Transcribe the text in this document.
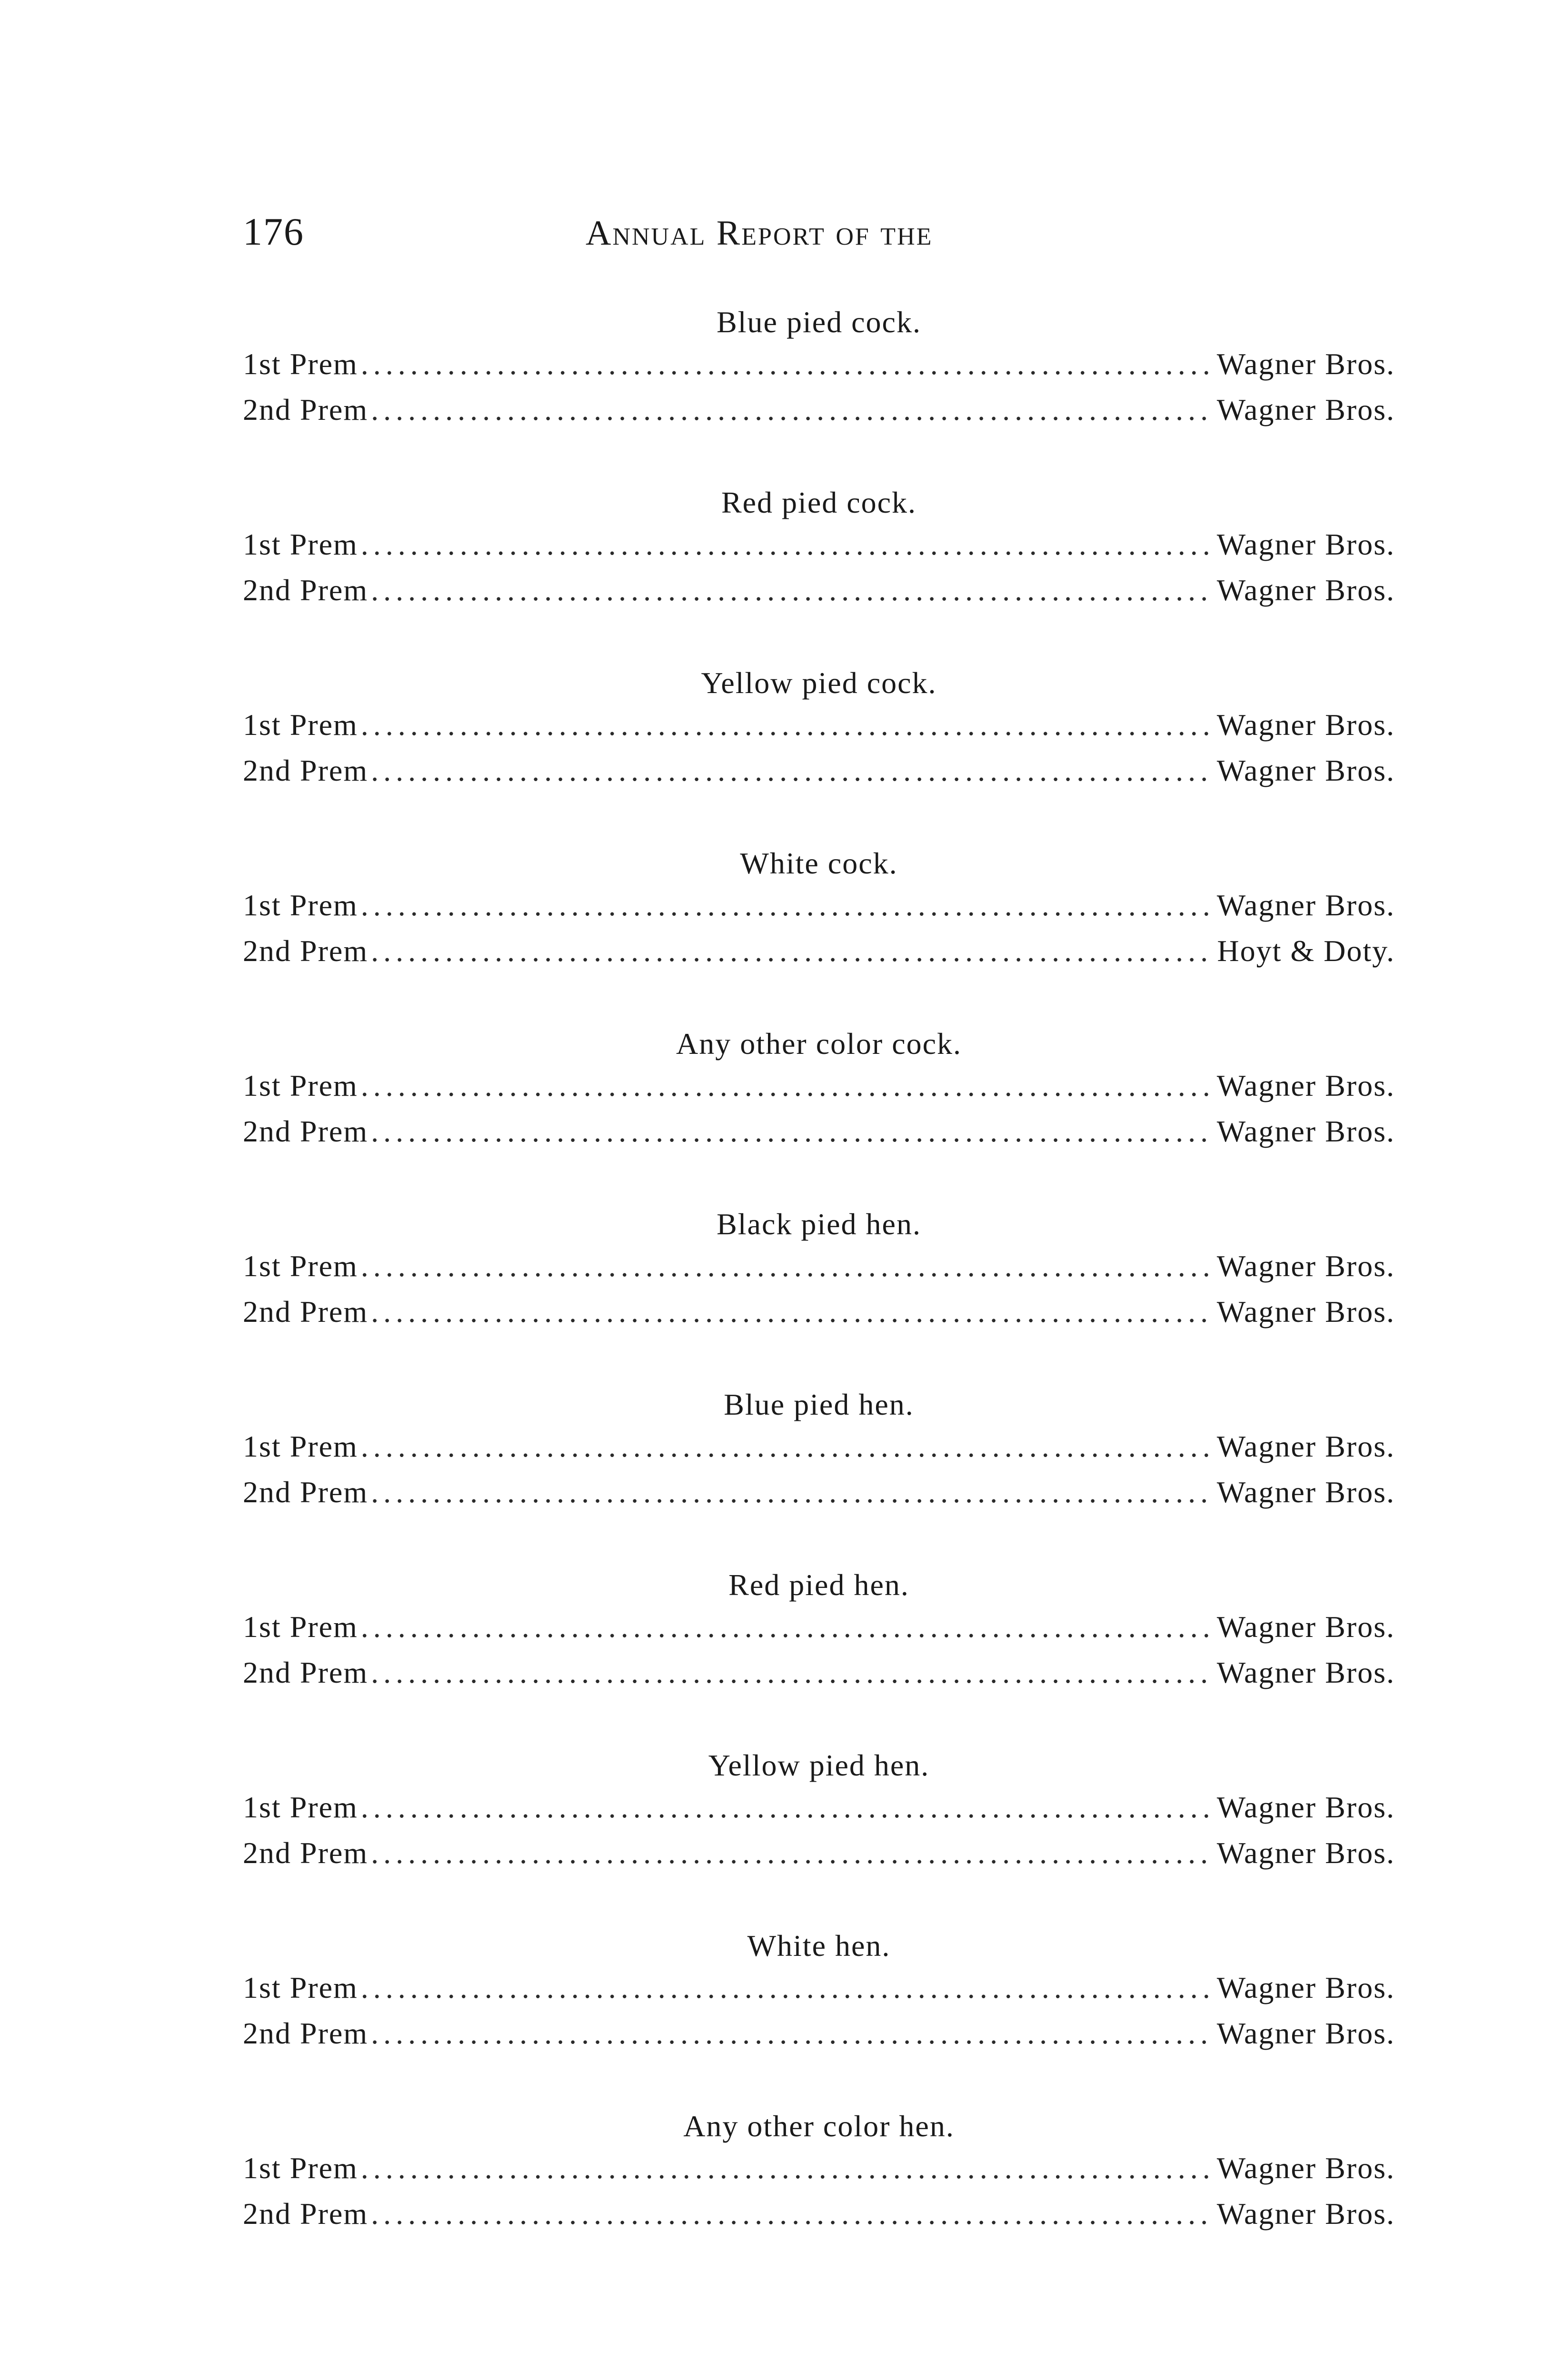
176	Annual Report of the
Blue pied cock.
1st Prem .....	Wagner Bros.
2nd Prem .....	Wagner Bros.
Red pied cock.
1st Prem .....	Wagner Bros.
2nd Prem .....	Wagner Bros.
Yellow pied cock.
1st Prem .....	Wagner Bros.
2nd Prem .....	Wagner Bros.
White cock.
1st Prem .....	Wagner Bros.
2nd Prem .....	Hoyt & Doty.
Any other color cock.
1st Prem .....	Wagner Bros.
2nd Prem .....	Wagner Bros.
Black pied hen.
1st Prem .....	Wagner Bros.
2nd Prem .....	Wagner Bros.
Blue pied hen.
1st Prem .....	Wagner Bros.
2nd Prem .....	Wagner Bros.
Red pied hen.
1st Prem .....	Wagner Bros.
2nd Prem .....	Wagner Bros.
Yellow pied hen.
1st Prem .....	Wagner Bros.
2nd Prem .....	Wagner Bros.
White hen.
1st Prem .....	Wagner Bros.
2nd Prem .....	Wagner Bros.
Any other color hen.
1st Prem .....	Wagner Bros.
2nd Prem .....	Wagner Bros.
